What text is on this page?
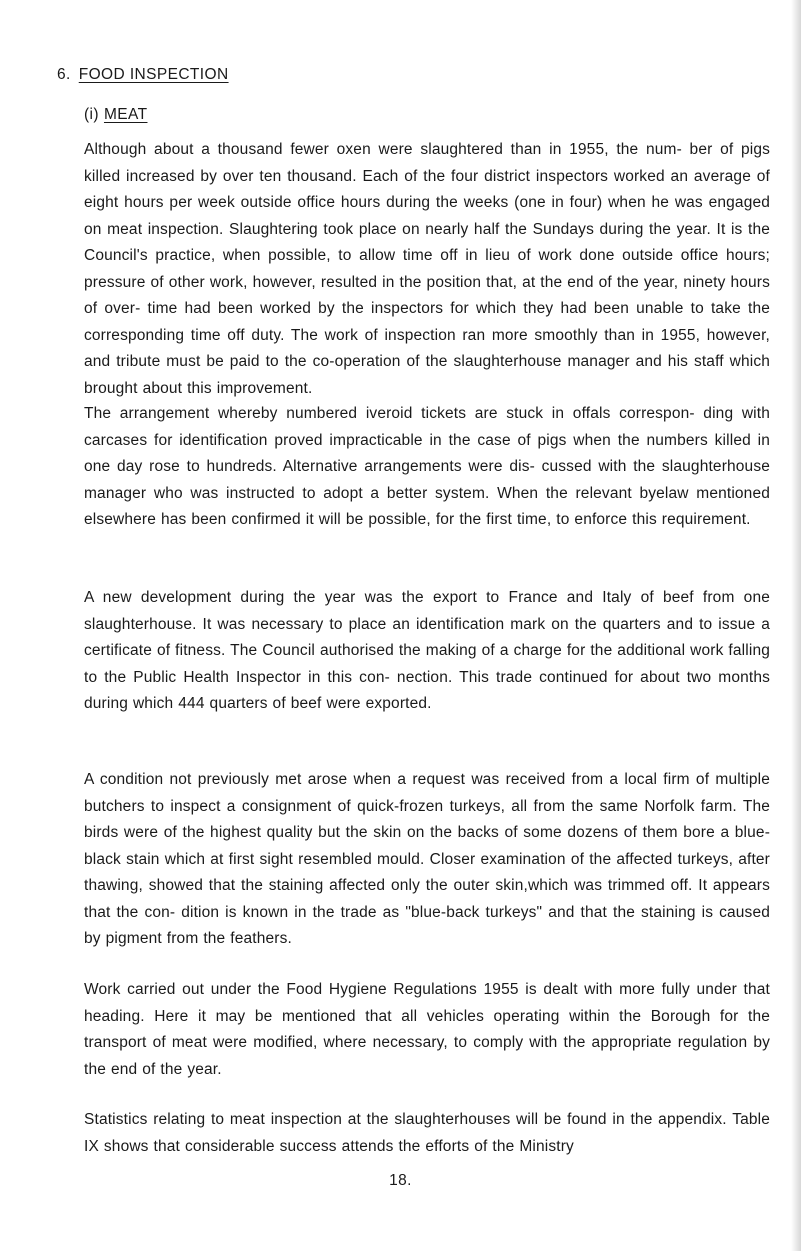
6. FOOD INSPECTION
(i) MEAT

Although about a thousand fewer oxen were slaughtered than in 1955, the num- ber of pigs killed increased by over ten thousand. Each of the four district inspectors worked an average of eight hours per week outside office hours during the weeks (one in four) when he was engaged on meat inspection. Slaughtering took place on nearly half the Sundays during the year. It is the Council's practice, when possible, to allow time off in lieu of work done outside office hours; pressure of other work, however, resulted in the position that, at the end of the year, ninety hours of over- time had been worked by the inspectors for which they had been unable to take the corresponding time off duty. The work of inspection ran more smoothly than in 1955, however, and tribute must be paid to the co-operation of the slaughterhouse manager and his staff which brought about this improvement.

The arrangement whereby numbered iveroid tickets are stuck in offals correspon- ding with carcases for identification proved impracticable in the case of pigs when the numbers killed in one day rose to hundreds. Alternative arrangements were dis- cussed with the slaughterhouse manager who was instructed to adopt a better system. When the relevant byelaw mentioned elsewhere has been confirmed it will be possible, for the first time, to enforce this requirement.

A new development during the year was the export to France and Italy of beef from one slaughterhouse. It was necessary to place an identification mark on the quarters and to issue a certificate of fitness. The Council authorised the making of a charge for the additional work falling to the Public Health Inspector in this con- nection. This trade continued for about two months during which 444 quarters of beef were exported.

A condition not previously met arose when a request was received from a local firm of multiple butchers to inspect a consignment of quick-frozen turkeys, all from the same Norfolk farm. The birds were of the highest quality but the skin on the backs of some dozens of them bore a blue-black stain which at first sight resembled mould. Closer examination of the affected turkeys, after thawing, showed that the staining affected only the outer skin,which was trimmed off. It appears that the con- dition is known in the trade as "blue-back turkeys" and that the staining is caused by pigment from the feathers.

Work carried out under the Food Hygiene Regulations 1955 is dealt with more fully under that heading. Here it may be mentioned that all vehicles operating within the Borough for the transport of meat were modified, where necessary, to comply with the appropriate regulation by the end of the year.

Statistics relating to meat inspection at the slaughterhouses will be found in the appendix. Table IX shows that considerable success attends the efforts of the Ministry

18.
